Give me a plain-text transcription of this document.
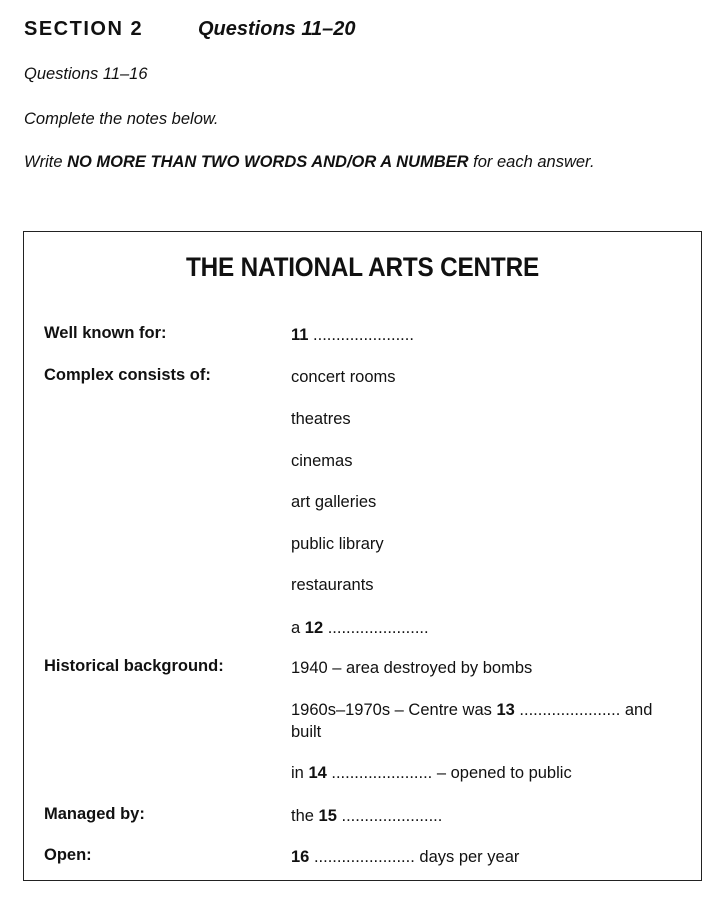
SECTION 2	Questions 11–20
Questions 11–16
Complete the notes below.
Write NO MORE THAN TWO WORDS AND/OR A NUMBER for each answer.
THE NATIONAL ARTS CENTRE
Well known for:	11 ......................
Complex consists of:	concert rooms
theatres
cinemas
art galleries
public library
restaurants
a 12 ......................
Historical background:	1940 – area destroyed by bombs
1960s–1970s – Centre was 13 ...................... and built
in 14 ...................... – opened to public
Managed by:	the 15 ......................
Open:	16 ...................... days per year
